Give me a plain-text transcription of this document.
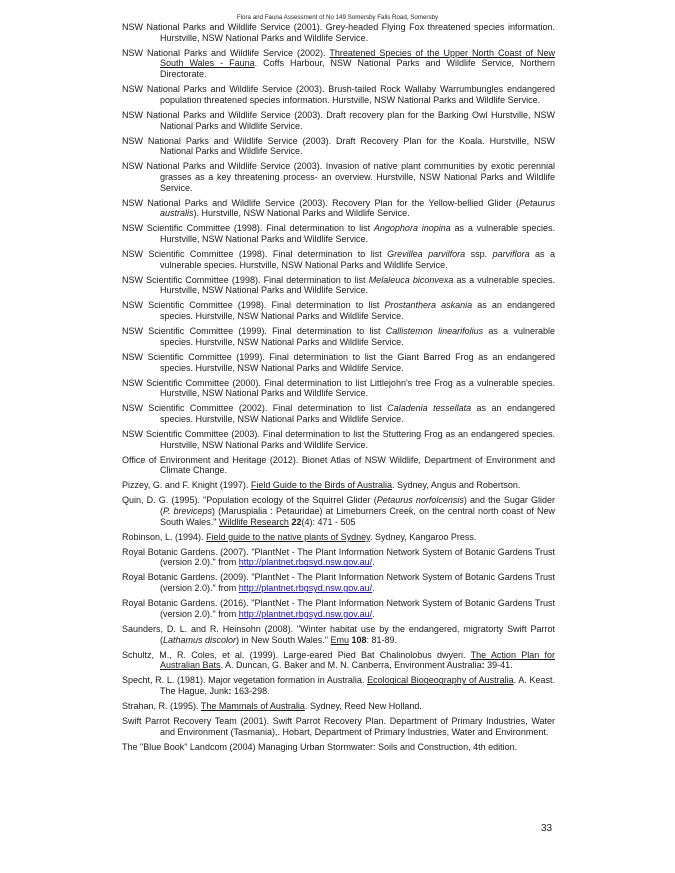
Flora and Fauna Assessment of No 149 Somersby Falls Road, Somersby

NSW National Parks and Wildlife Service (2001). Grey-headed Flying Fox threatened species information. Hurstville, NSW National Parks and Wildlife Service.

NSW National Parks and Wildlife Service (2002). Threatened Species of the Upper North Coast of New South Wales - Fauna. Coffs Harbour, NSW National Parks and Wildlife Service, Northern Directorate.

NSW National Parks and Wildlife Service (2003). Brush-tailed Rock Wallaby Warrumbungles endangered population threatened species information. Hurstville, NSW National Parks and Wildlife Service.

NSW National Parks and Wildlife Service (2003). Draft recovery plan for the Barking Owl Hurstville, NSW National Parks and Wildlife Service.

NSW National Parks and Wildlife Service (2003). Draft Recovery Plan for the Koala. Hurstville, NSW National Parks and Wildlife Service.

NSW National Parks and Wildlife Service (2003). Invasion of native plant communities by exotic perennial grasses as a key threatening process- an overview. Hurstville, NSW National Parks and Wildlife Service.

NSW National Parks and Wildlife Service (2003). Recovery Plan for the Yellow-bellied Glider (Petaurus australis). Hurstville, NSW National Parks and Wildlife Service.

NSW Scientific Committee (1998). Final determination to list Angophora inopina as a vulnerable species. Hurstville, NSW National Parks and Wildlife Service.

NSW Scientific Committee (1998). Final determination to list Grevillea parvilfora ssp. parviflora as a vulnerable species. Hurstville, NSW National Parks and Wildlife Service.

NSW Scientific Committee (1998). Final determination to list Melaleuca biconvexa as a vulnerable species. Hurstville, NSW National Parks and Wildlife Service.

NSW Scientific Committee (1998). Final determination to list Prostanthera askania as an endangered species. Hurstville, NSW National Parks and Wildlife Service.

NSW Scientific Committee (1999). Final determination to list Callistemon linearifolius as a vulnerable species. Hurstville, NSW National Parks and Wildlife Service.

NSW Scientific Committee (1999). Final determination to list the Giant Barred Frog as an endangered species. Hurstville, NSW National Parks and Wildlife Service.

NSW Scientific Committee (2000). Final determination to list Littlejohn's tree Frog as a vulnerable species. Hurstville, NSW National Parks and Wildlife Service.

NSW Scientific Committee (2002). Final determination to list Caladenia tessellata as an endangered species. Hurstville, NSW National Parks and Wildlife Service.

NSW Scientific Committee (2003). Final determination to list the Stuttering Frog as an endangered species. Hurstville, NSW National Parks and Wildlife Service.

Office of Environment and Heritage (2012). Bionet Atlas of NSW Wildlife, Department of Environment and Climate Change.

Pizzey, G. and F. Knight (1997). Field Guide to the Birds of Australia. Sydney, Angus and Robertson.

Quin, D. G. (1995). "Population ecology of the Squirrel Glider (Petaurus norfolcensis) and the Sugar Glider (P. breviceps) (Maruspialia : Petauridae) at Limeburners Creek, on the central north coast of New South Wales." Wildlife Research 22(4): 471 - 505

Robinson, L. (1994). Field guide to the native plants of Sydney. Sydney, Kangaroo Press.

Royal Botanic Gardens. (2007). "PlantNet - The Plant Information Network System of Botanic Gardens Trust (version 2.0)." from http://plantnet.rbgsyd.nsw.gov.au/.

Royal Botanic Gardens. (2009). "PlantNet - The Plant Information Network System of Botanic Gardens Trust (version 2.0)." from http://plantnet.rbgsyd.nsw.gov.au/.

Royal Botanic Gardens. (2016). "PlantNet - The Plant Information Network System of Botanic Gardens Trust (version 2.0)." from http://plantnet.rbgsyd.nsw.gov.au/.

Saunders, D. L. and R. Heinsohn (2008). "Winter habitat use by the endangered, migratorty Swift Parrot (Lathamus discolor) in New South Wales." Emu 108: 81-89.

Schultz, M., R. Coles, et al. (1999). Large-eared Pied Bat Chalinolobus dwyeri. The Action Plan for Australian Bats. A. Duncan, G. Baker and M. N. Canberra, Environment Australia: 39-41.

Specht, R. L. (1981). Major vegetation formation in Australia. Ecological Biogeography of Australia. A. Keast. The Hague, Junk: 163-298.

Strahan, R. (1995). The Mammals of Australia. Sydney, Reed New Holland.

Swift Parrot Recovery Team (2001). Swift Parrot Recovery Plan. Department of Primary Industries, Water and Environment (Tasmania),. Hobart, Department of Primary Industries, Water and Environment.

The "Blue Book" Landcom (2004) Managing Urban Stormwater: Soils and Construction, 4th edition.

33
